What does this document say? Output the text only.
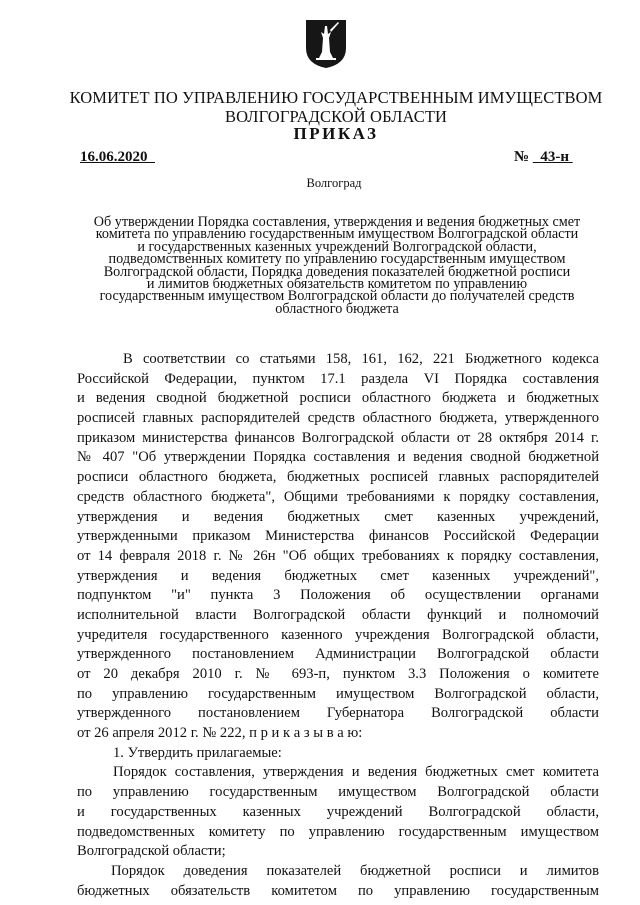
КОМИТЕТ ПО УПРАВЛЕНИЮ ГОСУДАРСТВЕННЫМ ИМУЩЕСТВОМ
ВОЛГОГРАДСКОЙ ОБЛАСТИ
ПРИКАЗ
16.06.2020	№ 43-н
Волгоград
Об утверждении Порядка составления, утверждения и ведения бюджетных смет
комитета по управлению государственным имуществом Волгоградской области
и государственных казенных учреждений Волгоградской области,
подведомственных комитету по управлению государственным имуществом
Волгоградской области, Порядка доведения показателей бюджетной росписи
и лимитов бюджетных обязательств комитетом по управлению
государственным имуществом Волгоградской области до получателей средств
областного бюджета
В соответствии со статьями 158, 161, 162, 221 Бюджетного кодекса
Российской Федерации, пунктом 17.1 раздела VI Порядка составления
и ведения сводной бюджетной росписи областного бюджета и бюджетных
росписей главных распорядителей средств областного бюджета, утвержденного
приказом министерства финансов Волгоградской области от 28 октября 2014 г.
№ 407 "Об утверждении Порядка составления и ведения сводной бюджетной
росписи областного бюджета, бюджетных росписей главных распорядителей
средств областного бюджета", Общими требованиями к порядку составления,
утверждения и ведения бюджетных смет казенных учреждений,
утвержденными приказом Министерства финансов Российской Федерации
от 14 февраля 2018 г. № 26н "Об общих требованиях к порядку составления,
утверждения и ведения бюджетных смет казенных учреждений",
подпунктом "и" пункта 3 Положения об осуществлении органами
исполнительной власти Волгоградской области функций и полномочий
учредителя государственного казенного учреждения Волгоградской области,
утвержденного постановлением Администрации Волгоградской области
от 20 декабря 2010 г. № 693-п, пунктом 3.3 Положения о комитете
по управлению государственным имуществом Волгоградской области,
утвержденного постановлением Губернатора Волгоградской области
от 26 апреля 2012 г. № 222, п р и к а з ы в а ю:
1. Утвердить прилагаемые:
Порядок составления, утверждения и ведения бюджетных смет комитета
по управлению государственным имуществом Волгоградской области
и государственных казенных учреждений Волгоградской области,
подведомственных комитету по управлению государственным имуществом
Волгоградской области;
Порядок доведения показателей бюджетной росписи и лимитов
бюджетных обязательств комитетом по управлению государственным
